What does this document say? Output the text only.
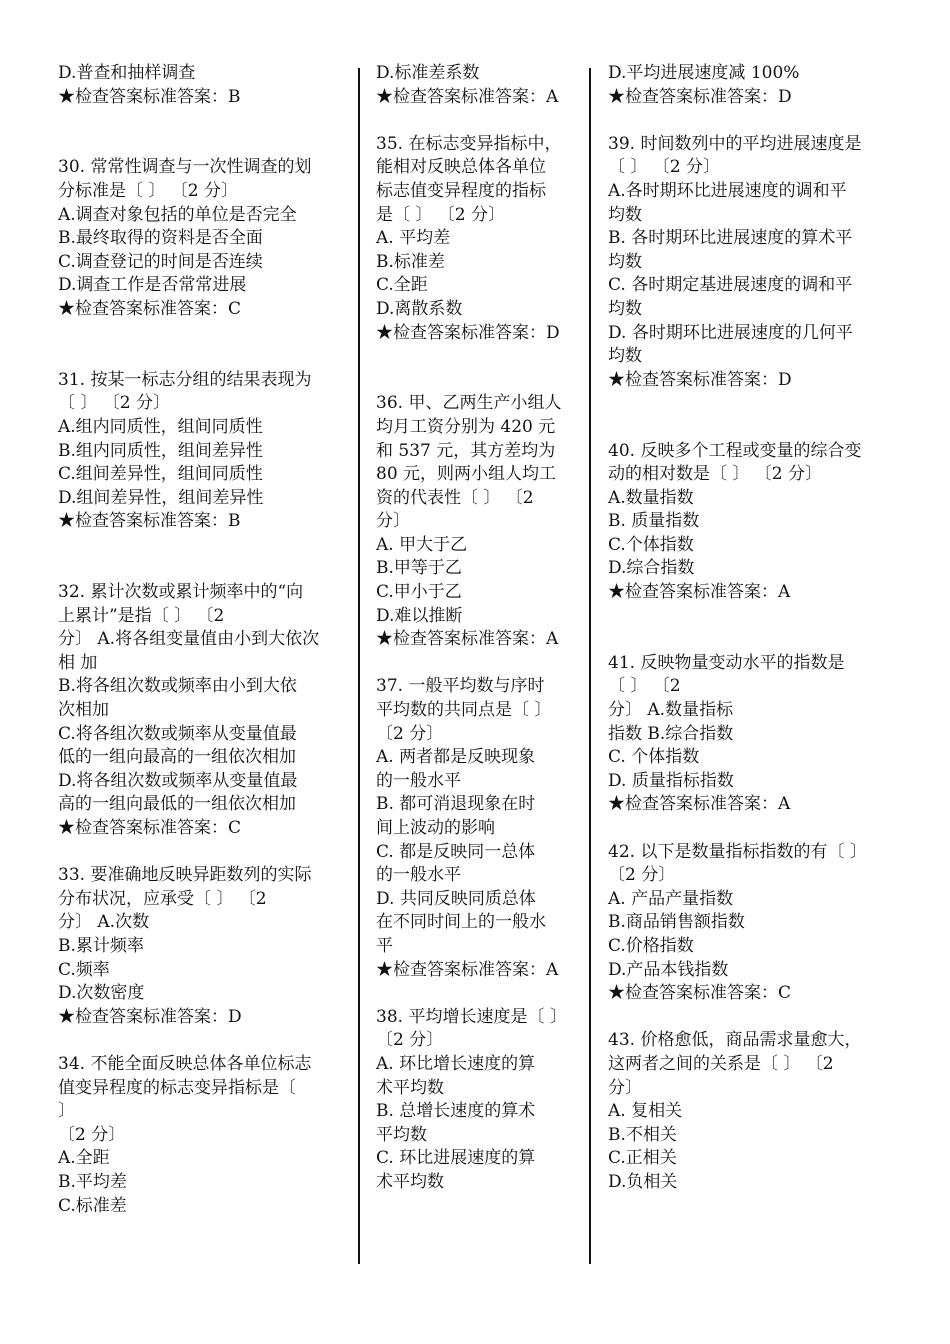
D.普查和抽样调查
★检查答案标准答案：B
30. 常常性调查与一次性调查的划
分标准是〔 〕 〔2 分〕
A.调查对象包括的单位是否完全
B.最终取得的资料是否全面
C.调查登记的时间是否连续
D.调查工作是否常常进展
★检查答案标准答案：C
31. 按某一标志分组的结果表现为
〔 〕 〔2 分〕
A.组内同质性，组间同质性
B.组内同质性，组间差异性
C.组间差异性，组间同质性
D.组间差异性，组间差异性
★检查答案标准答案：B
32. 累计次数或累计频率中的“向
上累计”是指〔 〕 〔2
分〕 A.将各组变量值由小到大依次
相 加
B.将各组次数或频率由小到大依
次相加
C.将各组次数或频率从变量值最
低的一组向最高的一组依次相加
D.将各组次数或频率从变量值最
高的一组向最低的一组依次相加
★检查答案标准答案：C
33. 要准确地反映异距数列的实际
分布状况，应承受〔 〕 〔2
分〕 A.次数
B.累计频率
C.频率
D.次数密度
★检查答案标准答案：D
34. 不能全面反映总体各单位标志
值变异程度的标志变异指标是〔
〕
〔2 分〕
A.全距
B.平均差
C.标准差
D.标准差系数
★检查答案标准答案：A
35. 在标志变异指标中，
能相对反映总体各单位
标志值变异程度的指标
是〔 〕 〔2 分〕
A. 平均差
B.标准差
C.全距
D.离散系数
★检查答案标准答案：D
36. 甲、乙两生产小组人
均月工资分别为 420 元
和 537 元，其方差均为
80 元，则两小组人均工
资的代表性〔 〕 〔2
分〕
A. 甲大于乙
B.甲等于乙
C.甲小于乙
D.难以推断
★检查答案标准答案：A
37. 一般平均数与序时
平均数的共同点是〔 〕
〔2 分〕
A. 两者都是反映现象
的一般水平
B. 都可消退现象在时
间上波动的影响
C. 都是反映同一总体
的一般水平
D. 共同反映同质总体
在不同时间上的一般水
平
★检查答案标准答案：A
38. 平均增长速度是〔 〕
〔2 分〕
A. 环比增长速度的算
术平均数
B. 总增长速度的算术
平均数
C. 环比进展速度的算
术平均数
D.平均进展速度减 100%
★检查答案标准答案：D
39. 时间数列中的平均进展速度是
〔 〕 〔2 分〕
A.各时期环比进展速度的调和平
均数
B. 各时期环比进展速度的算术平
均数
C. 各时期定基进展速度的调和平
均数
D. 各时期环比进展速度的几何平
均数
★检查答案标准答案：D
40. 反映多个工程或变量的综合变
动的相对数是〔 〕 〔2 分〕
A.数量指数
B. 质量指数
C.个体指数
D.综合指数
★检查答案标准答案：A
41. 反映物量变动水平的指数是
〔 〕 〔2
分〕 A.数量指标
指数 B.综合指数
C. 个体指数
D. 质量指标指数
★检查答案标准答案：A
42. 以下是数量指标指数的有〔 〕
〔2 分〕
A. 产品产量指数
B.商品销售额指数
C.价格指数
D.产品本钱指数
★检查答案标准答案：C
43. 价格愈低，商品需求量愈大，
这两者之间的关系是〔 〕 〔2
分〕
A. 复相关
B.不相关
C.正相关
D.负相关
